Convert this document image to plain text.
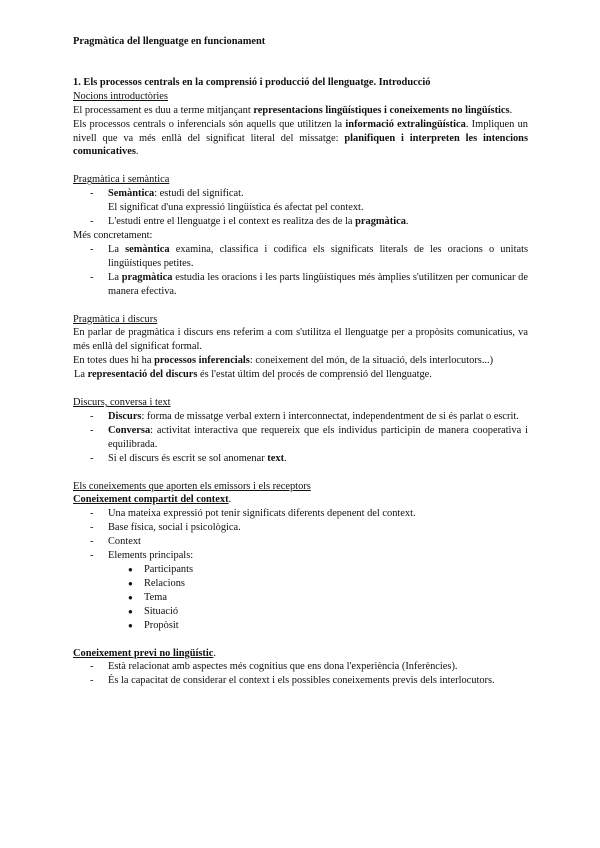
Pragmàtica del llenguatge en funcionament

1. Els processos centrals en la comprensió i producció del llenguatge. Introducció

Nocions introductòries

El processament es duu a terme mitjançant representacions lingüístiques i coneixements no lingüístics.

Els processos centrals o inferencials són aquells que utilitzen la informació extralingüística. Impliquen un nivell que va més enllà del significat literal del missatge: planifiquen i interpreten les intencions comunicatives.

Pragmàtica i semàntica

- Semàntica: estudi del significat.

El significat d'una expressió lingüística és afectat pel context.

- L'estudi entre el llenguatge i el context es realitza des de la pragmàtica.

Més concretament:

- La semàntica examina, classifica i codifica els significats literals de les oracions o unitats lingüístiques petites.

- La pragmàtica estudia les oracions i les parts lingüístiques més àmplies s'utilitzen per comunicar de manera efectiva.

Pragmàtica i discurs

En parlar de pragmàtica i discurs ens referim a com s'utilitza el llenguatge per a propòsits comunicatius, va més enllà del significat formal.

En totes dues hi ha processos inferencials: coneixement del món, de la situació, dels interlocutors...)

La representació del discurs és l'estat últim del procés de comprensió del llenguatge.

Discurs, conversa i text

- Discurs: forma de missatge verbal extern i interconnectat, independentment de si és parlat o escrit.

- Conversa: activitat interactiva que requereix que els individus participin de manera cooperativa i equilibrada.

- Si el discurs és escrit se sol anomenar text.

Els coneixements que aporten els emissors i els receptors

Coneixement compartit del context.

- Una mateixa expressió pot tenir significats diferents depenent del context.

- Base física, social i psicològica.

- Context

- Elements principals:

● Participants

● Relacions

● Tema

● Situació

● Propòsit

Coneixement previ no lingüístic.

- Està relacionat amb aspectes més cognitius que ens dona l'experiència (Inferències).

- És la capacitat de considerar el context i els possibles coneixements previs dels interlocutors.
